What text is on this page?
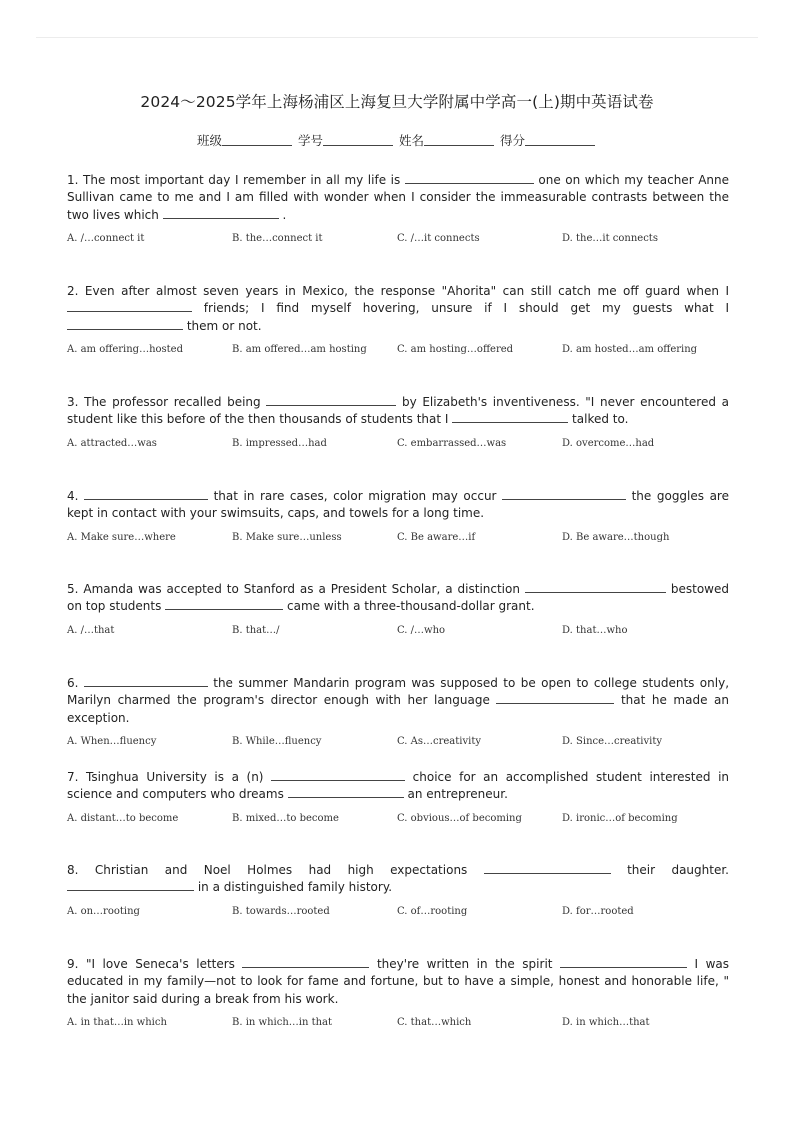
2024～2025学年上海杨浦区上海复旦大学附属中学高一(上)期中英语试卷
班级	学号	姓名	得分

1. The most important day I remember in all my life is	one on which my teacher Anne Sullivan came to me and I am filled with wonder when I consider the immeasurable contrasts between the two lives which	.

A. /…connect it	B. the…connect it	C. /…it connects	D. the…it connects

2. Even after almost seven years in Mexico, the response "Ahorita" can still catch me off guard when I  friends; I find myself hovering, unsure if I should get my guests what I  them or not.

A. am offering…hosted	B. am offered…am hosting	C. am hosting…offered	D. am hosted…am offering

3. The professor recalled being	by Elizabeth's inventiveness. "I never encountered a student like this before of the then thousands of students that I	talked to.

A. attracted…was	B. impressed…had	C. embarrassed…was	D. overcome…had

4.	that in rare cases, color migration may occur	the goggles are kept in contact with your swimsuits, caps, and towels for a long time.

A. Make sure…where	B. Make sure…unless	C. Be aware…if	D. Be aware…though

5. Amanda was accepted to Stanford as a President Scholar, a distinction	bestowed on top students	came with a three-thousand-dollar grant.

A. /…that	B. that…/	C. /…who	D. that…who

6.	the summer Mandarin program was supposed to be open to college students only, Marilyn charmed the program's director enough with her language	that he made an exception.

A. When…fluency	B. While…fluency	C. As…creativity	D. Since…creativity

7. Tsinghua University is a (n)	choice for an accomplished student interested in science and computers who dreams	an entrepreneur.

A. distant…to become	B. mixed…to become	C. obvious…of becoming	D. ironic…of becoming

8. Christian and Noel Holmes had high expectations	their daughter.  in a distinguished family history.

A. on…rooting	B. towards…rooted	C. of…rooting	D. for…rooted

9. "I love Seneca's letters	they're written in the spirit	I was educated in my family—not to look for fame and fortune, but to have a simple, honest and honorable life, " the janitor said during a break from his work.

A. in that…in which	B. in which…in that	C. that…which	D. in which…that
